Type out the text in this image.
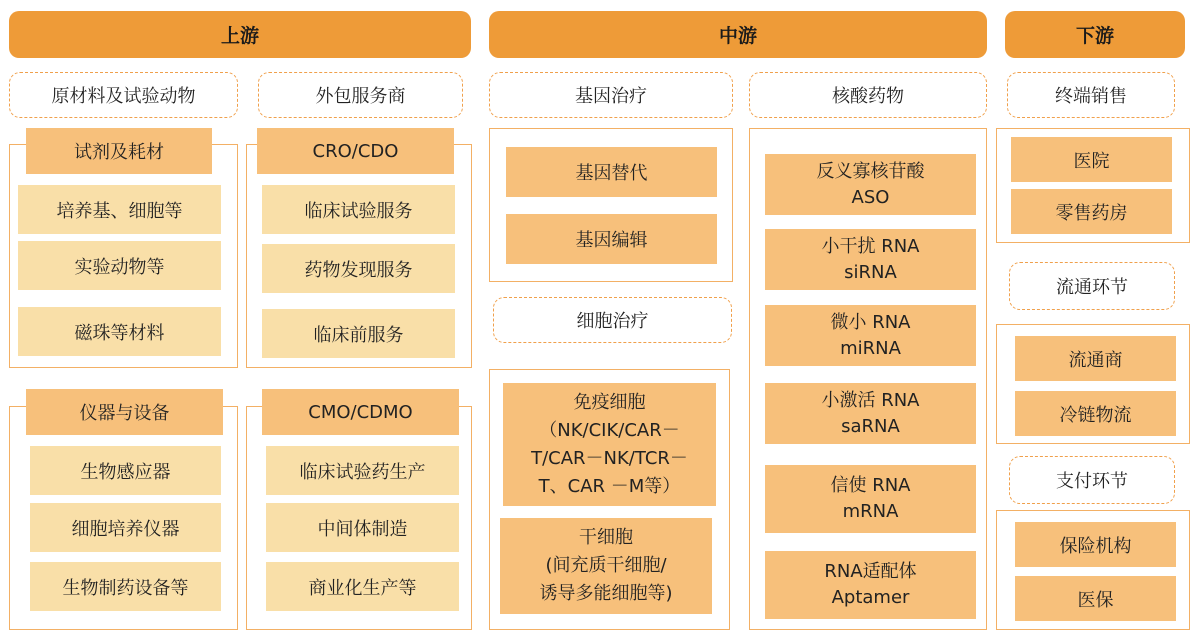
上游	中游	下游
原材料及试验动物	外包服务商
试剂及耗材
培养基、细胞等
实验动物等
磁珠等材料
CRO/CDO
临床试验服务
药物发现服务
临床前服务
仪器与设备
生物感应器
细胞培养仪器
生物制药设备等
CMO/CDMO
临床试验药生产
中间体制造
商业化生产等
基因治疗	核酸药物
基因替代
基因编辑
细胞治疗
免疫细胞
（NK/CIK/CAR－
T/CAR－NK/TCR－
T、CAR －M等）
干细胞
(间充质干细胞/
诱导多能细胞等)
反义寡核苷酸
ASO
小干扰 RNA
siRNA
微小 RNA
miRNA
小激活 RNA
saRNA
信使 RNA
mRNA
RNA适配体
Aptamer
终端销售
医院
零售药房
流通环节
流通商
冷链物流
支付环节
保险机构
医保
